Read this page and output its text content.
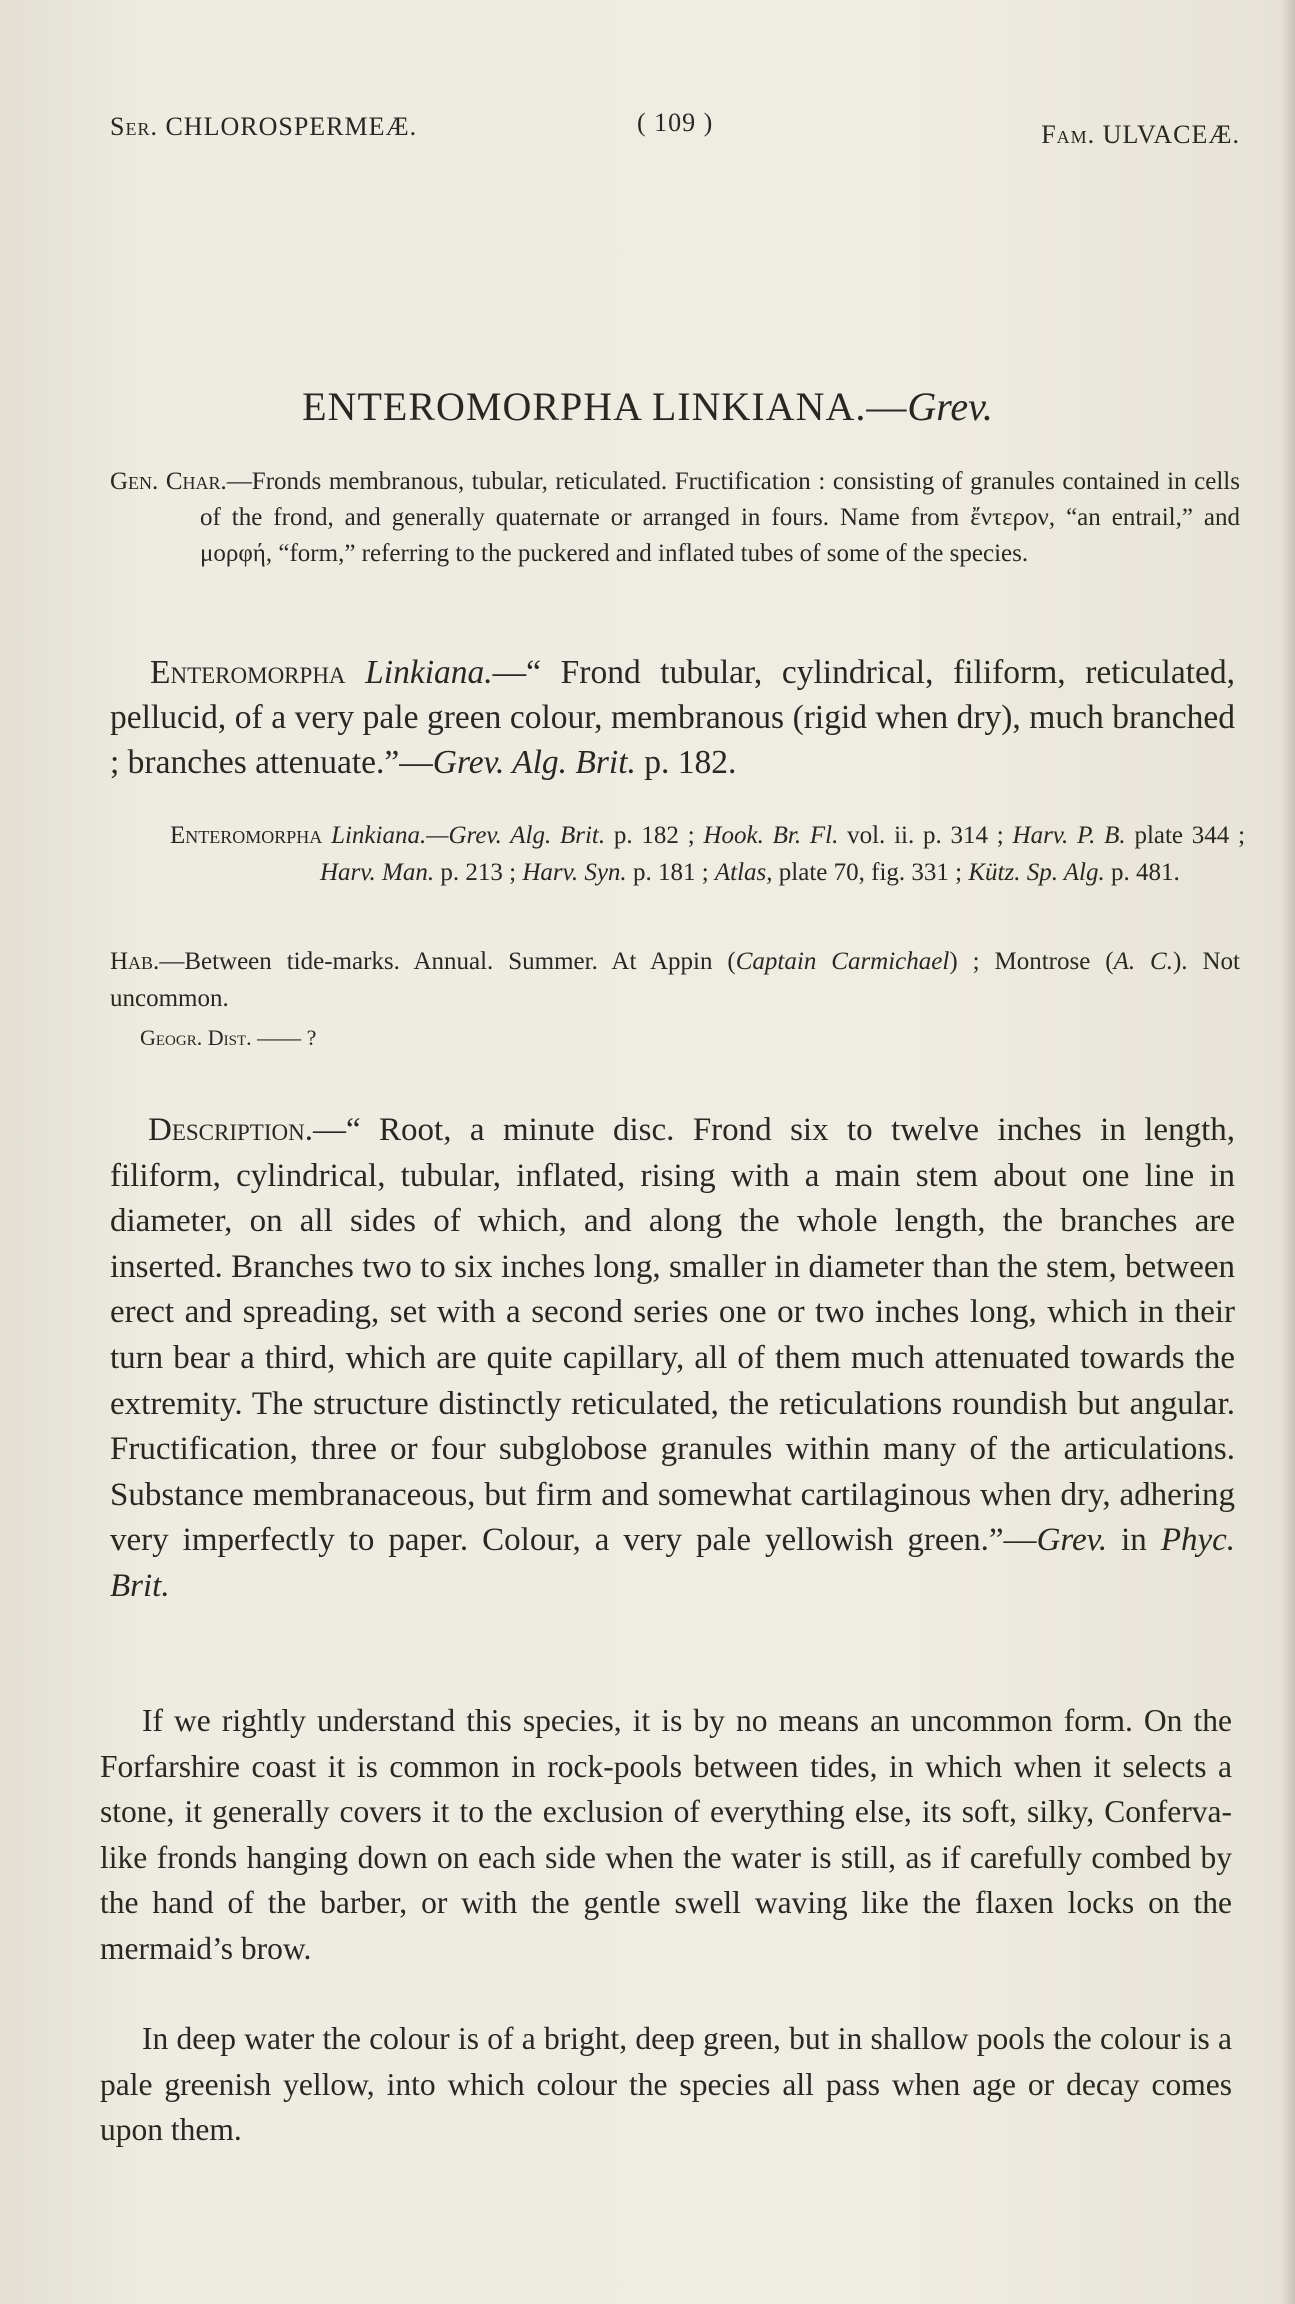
Ser. CHLOROSPERMEÆ.	( 109 )	Fam. ULVACEÆ.
ENTEROMORPHA LINKIANA.—Grev.
Gen. Char.—Fronds membranous, tubular, reticulated. Fructification : consisting of granules contained in cells of the frond, and generally quaternate or arranged in fours. Name from ἔντερον, “an entrail,” and μορφή, “form,” referring to the puckered and inflated tubes of some of the species.
Enteromorpha Linkiana.—“ Frond tubular, cylindrical, filiform, reticulated, pellucid, of a very pale green colour, membranous (rigid when dry), much branched ; branches attenuate.”—Grev. Alg. Brit. p. 182.
Enteromorpha Linkiana.—Grev. Alg. Brit. p. 182 ; Hook. Br. Fl. vol. ii. p. 314 ; Harv. P. B. plate 344 ; Harv. Man. p. 213 ; Harv. Syn. p. 181 ; Atlas, plate 70, fig. 331 ; Kütz. Sp. Alg. p. 481.
Hab.—Between tide-marks. Annual. Summer. At Appin (Captain Carmichael) ; Montrose (A. C.). Not uncommon.
Geogr. Dist. —— ?

Description.—“ Root, a minute disc. Frond six to twelve inches in length, filiform, cylindrical, tubular, inflated, rising with a main stem about one line in diameter, on all sides of which, and along the whole length, the branches are inserted. Branches two to six inches long, smaller in diameter than the stem, between erect and spreading, set with a second series one or two inches long, which in their turn bear a third, which are quite capillary, all of them much attenuated towards the extremity. The structure distinctly reticulated, the reticulations roundish but angular. Fructification, three or four subglobose granules within many of the articulations. Substance membranaceous, but firm and somewhat cartilaginous when dry, adhering very imperfectly to paper. Colour, a very pale yellowish green.”—Grev. in Phyc. Brit.

If we rightly understand this species, it is by no means an uncommon form. On the Forfarshire coast it is common in rock-pools between tides, in which when it selects a stone, it generally covers it to the exclusion of everything else, its soft, silky, Conferva-like fronds hanging down on each side when the water is still, as if carefully combed by the hand of the barber, or with the gentle swell waving like the flaxen locks on the mermaid’s brow.

In deep water the colour is of a bright, deep green, but in shallow pools the colour is a pale greenish yellow, into which colour the species all pass when age or decay comes upon them.
